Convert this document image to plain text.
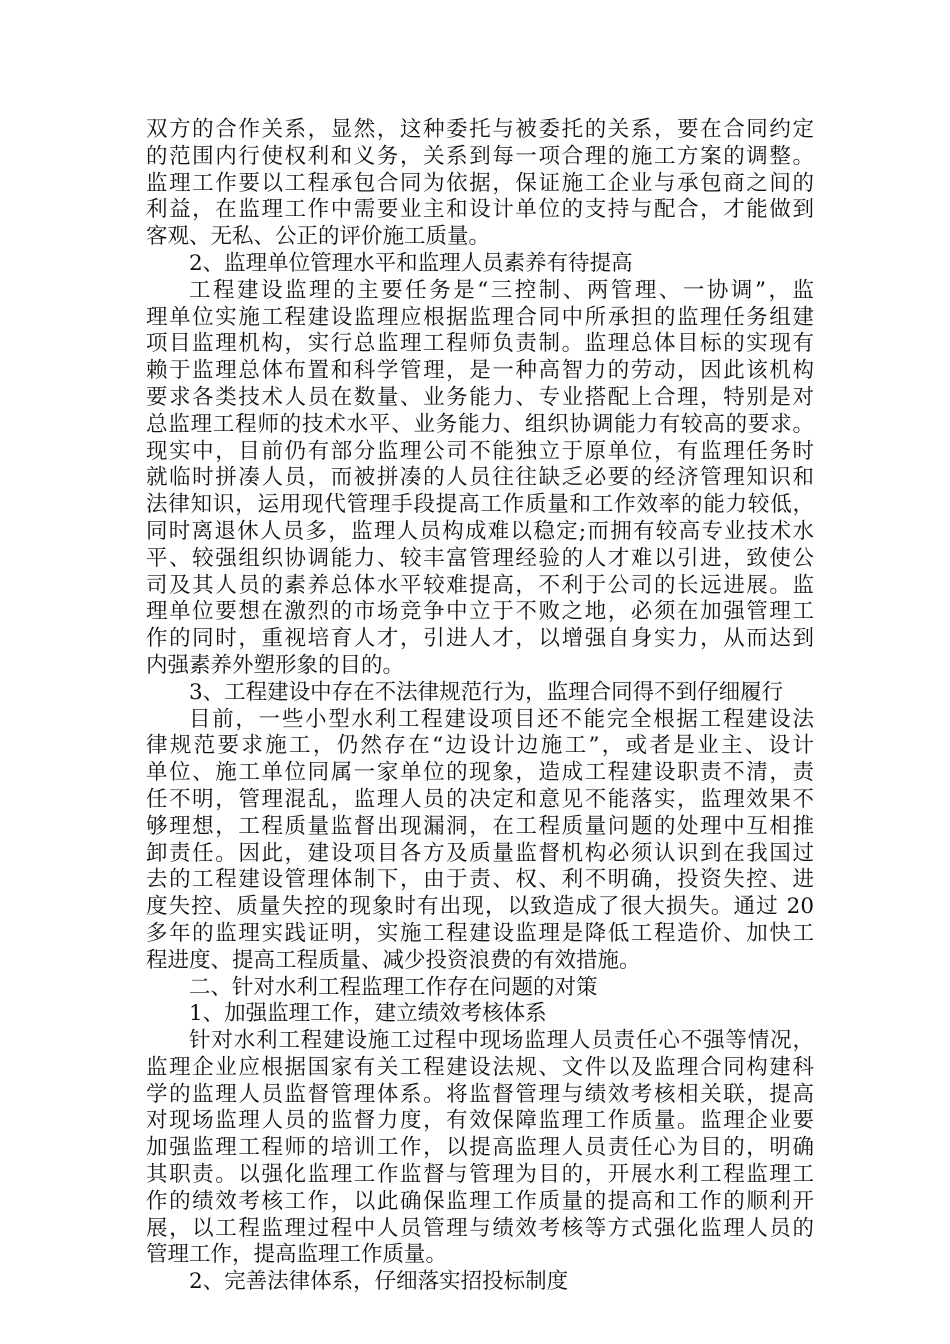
双方的合作关系，显然，这种委托与被委托的关系，要在合同约定
的范围内行使权利和义务，关系到每一项合理的施工方案的调整。
监理工作要以工程承包合同为依据，保证施工企业与承包商之间的
利益，在监理工作中需要业主和设计单位的支持与配合，才能做到
客观、无私、公正的评价施工质量。
2、监理单位管理水平和监理人员素养有待提高
工程建设监理的主要任务是“三控制、两管理、一协调”，监
理单位实施工程建设监理应根据监理合同中所承担的监理任务组建
项目监理机构，实行总监理工程师负责制。监理总体目标的实现有
赖于监理总体布置和科学管理，是一种高智力的劳动，因此该机构
要求各类技术人员在数量、业务能力、专业搭配上合理，特别是对
总监理工程师的技术水平、业务能力、组织协调能力有较高的要求。
现实中，目前仍有部分监理公司不能独立于原单位，有监理任务时
就临时拼凑人员，而被拼凑的人员往往缺乏必要的经济管理知识和
法律知识，运用现代管理手段提高工作质量和工作效率的能力较低，
同时离退休人员多，监理人员构成难以稳定;而拥有较高专业技术水
平、较强组织协调能力、较丰富管理经验的人才难以引进，致使公
司及其人员的素养总体水平较难提高，不利于公司的长远进展。监
理单位要想在激烈的市场竞争中立于不败之地，必须在加强管理工
作的同时，重视培育人才，引进人才，以增强自身实力，从而达到
内强素养外塑形象的目的。
3、工程建设中存在不法律规范行为，监理合同得不到仔细履行
目前，一些小型水利工程建设项目还不能完全根据工程建设法
律规范要求施工，仍然存在“边设计边施工”，或者是业主、设计
单位、施工单位同属一家单位的现象，造成工程建设职责不清，责
任不明，管理混乱，监理人员的决定和意见不能落实，监理效果不
够理想，工程质量监督出现漏洞，在工程质量问题的处理中互相推
卸责任。因此，建设项目各方及质量监督机构必须认识到在我国过
去的工程建设管理体制下，由于责、权、利不明确，投资失控、进
度失控、质量失控的现象时有出现，以致造成了很大损失。通过 20
多年的监理实践证明，实施工程建设监理是降低工程造价、加快工
程进度、提高工程质量、减少投资浪费的有效措施。
二、针对水利工程监理工作存在问题的对策
1、加强监理工作，建立绩效考核体系
针对水利工程建设施工过程中现场监理人员责任心不强等情况，
监理企业应根据国家有关工程建设法规、文件以及监理合同构建科
学的监理人员监督管理体系。将监督管理与绩效考核相关联，提高
对现场监理人员的监督力度，有效保障监理工作质量。监理企业要
加强监理工程师的培训工作，以提高监理人员责任心为目的，明确
其职责。以强化监理工作监督与管理为目的，开展水利工程监理工
作的绩效考核工作，以此确保监理工作质量的提高和工作的顺利开
展，以工程监理过程中人员管理与绩效考核等方式强化监理人员的
管理工作，提高监理工作质量。
2、完善法律体系，仔细落实招投标制度
